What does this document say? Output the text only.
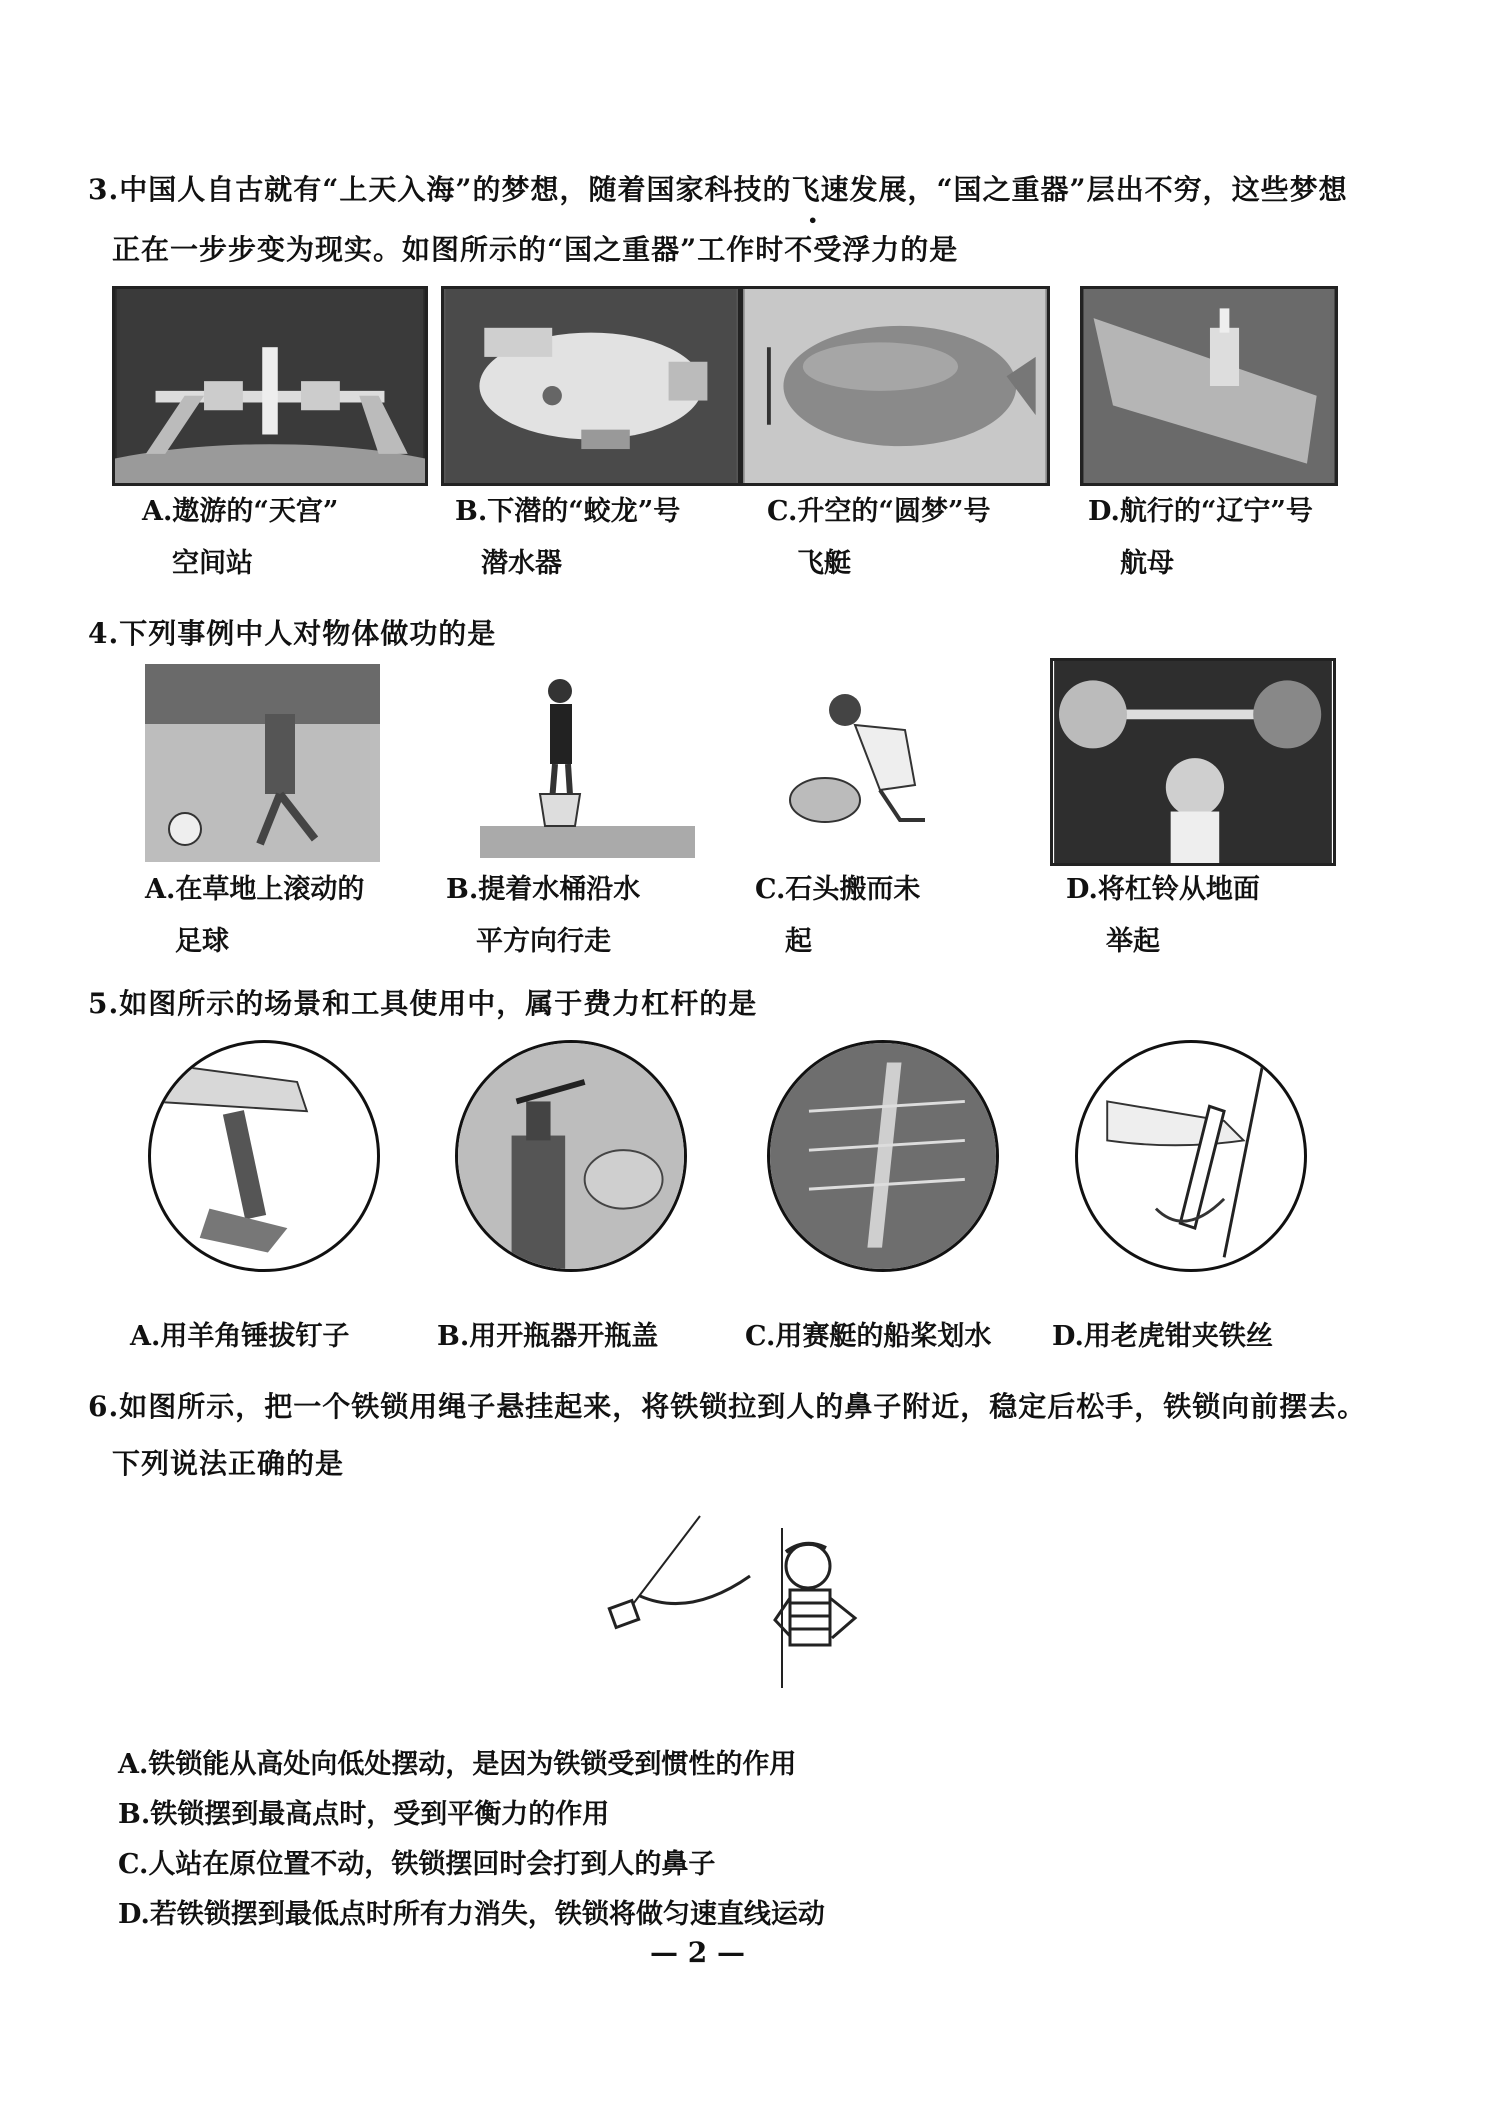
3.中国人自古就有“上天入海”的梦想，随着国家科技的飞速发展，“国之重器”层出不穷，这些梦想
正在一步步变为现实。如图所示的“国之重器”工作时不受浮力的是
A.遨游的“天宫”
空间站
B.下潜的“蛟龙”号
潜水器
C.升空的“圆梦”号
飞艇
D.航行的“辽宁”号
航母
4.下列事例中人对物体做功的是
A.在草地上滚动的
足球
B.提着水桶沿水
平方向行走
C.石头搬而未
起
D.将杠铃从地面
举起
5.如图所示的场景和工具使用中，属于费力杠杆的是
A.用羊角锤拔钉子	B.用开瓶器开瓶盖	C.用赛艇的船桨划水 D.用老虎钳夹铁丝
6.如图所示，把一个铁锁用绳子悬挂起来，将铁锁拉到人的鼻子附近，稳定后松手，铁锁向前摆去。
下列说法正确的是
A.铁锁能从高处向低处摆动，是因为铁锁受到惯性的作用
B.铁锁摆到最高点时，受到平衡力的作用
C.人站在原位置不动，铁锁摆回时会打到人的鼻子
D.若铁锁摆到最低点时所有力消失，铁锁将做匀速直线运动
— 2 —
